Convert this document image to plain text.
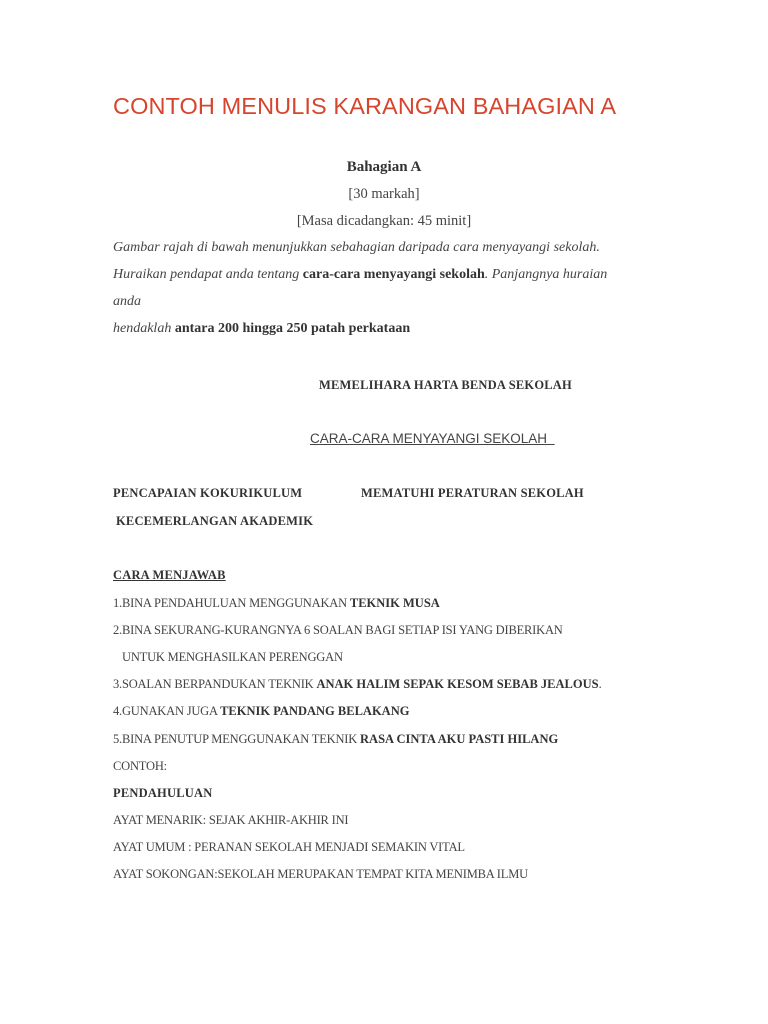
CONTOH MENULIS KARANGAN BAHAGIAN A
Bahagian A
[30 markah]
[Masa dicadangkan: 45 minit]
Gambar rajah di bawah menunjukkan sebahagian daripada cara menyayangi sekolah.
Huraikan pendapat anda tentang cara-cara menyayangi sekolah. Panjangnya huraian
anda
hendaklah antara 200 hingga 250 patah perkataan
MEMELIHARA HARTA BENDA SEKOLAH
CARA-CARA MENYAYANGI SEKOLAH
PENCAPAIAN KOKURIKULUM	MEMATUHI PERATURAN SEKOLAH
KECEMERLANGAN AKADEMIK
CARA MENJAWAB
1.BINA PENDAHULUAN MENGGUNAKAN TEKNIK MUSA
2.BINA SEKURANG-KURANGNYA 6 SOALAN BAGI SETIAP ISI YANG DIBERIKAN
UNTUK MENGHASILKAN PERENGGAN
3.SOALAN BERPANDUKAN TEKNIK ANAK HALIM SEPAK KESOM SEBAB JEALOUS.
4.GUNAKAN JUGA TEKNIK PANDANG BELAKANG
5.BINA PENUTUP MENGGUNAKAN TEKNIK RASA CINTA AKU PASTI HILANG
CONTOH:
PENDAHULUAN
AYAT MENARIK: SEJAK AKHIR-AKHIR INI
AYAT UMUM : PERANAN SEKOLAH MENJADI SEMAKIN VITAL
AYAT SOKONGAN:SEKOLAH MERUPAKAN TEMPAT KITA MENIMBA ILMU
